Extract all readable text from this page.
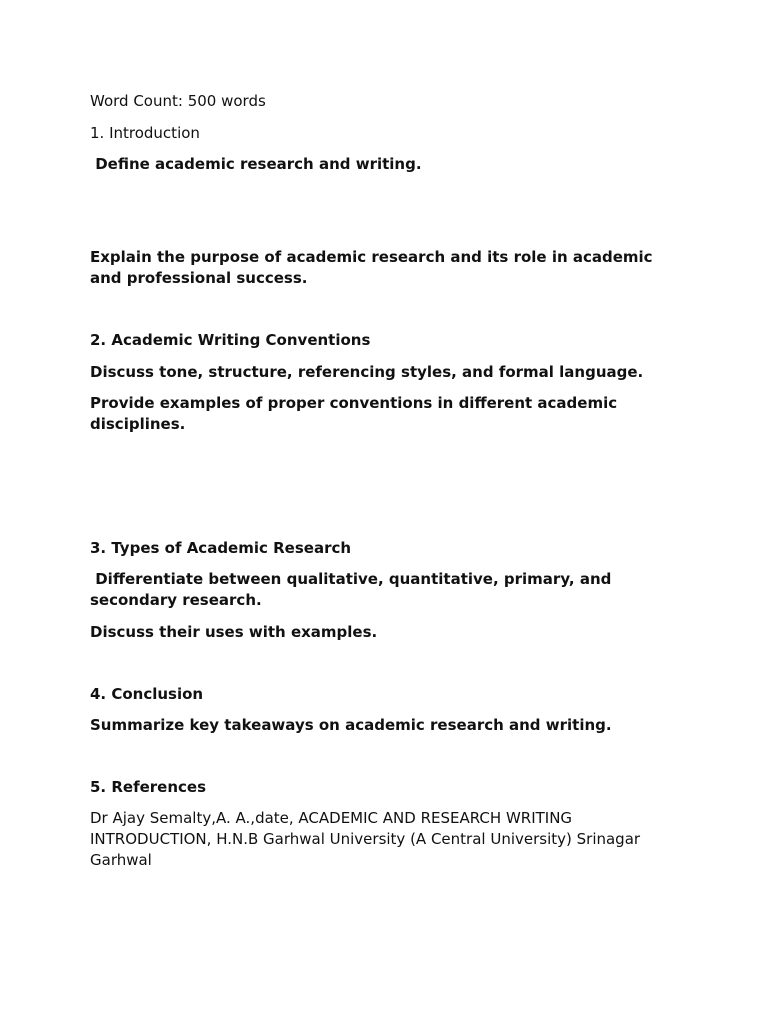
Word Count: 500 words

1. Introduction

Define academic research and writing.

Explain the purpose of academic research and its role in academic and professional success.

2. Academic Writing Conventions

Discuss tone, structure, referencing styles, and formal language.

Provide examples of proper conventions in different academic disciplines.

3. Types of Academic Research

Differentiate between qualitative, quantitative, primary, and secondary research.

Discuss their uses with examples.

4. Conclusion

Summarize key takeaways on academic research and writing.

5. References

Dr Ajay Semalty,A. A.,date, ACADEMIC AND RESEARCH WRITING INTRODUCTION, H.N.B Garhwal University (A Central University) Srinagar Garhwal
